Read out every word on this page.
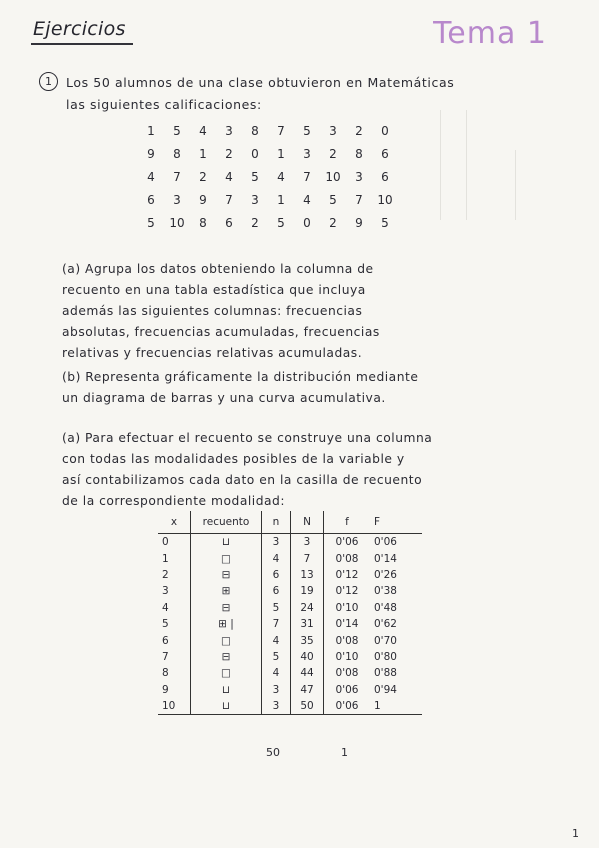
Ejercicios	Tema 1
1	Los 50 alumnos de una clase obtuvieron en Matemáticas
las siguientes calificaciones:
1	5	4	3	8	7	5	3	2	0
9	8	1	2	0	1	3	2	8	6
4	7	2	4	5	4	7	10	3	6
6	3	9	7	3	1	4	5	7	10
5	10	8	6	2	5	0	2	9	5
(a) Agrupa los datos obteniendo la columna de
recuento en una tabla estadística que incluya
además las siguientes columnas: frecuencias
absolutas, frecuencias acumuladas, frecuencias
relativas y frecuencias relativas acumuladas.
(b) Representa gráficamente la distribución mediante
un diagrama de barras y una curva acumulativa.
(a) Para efectuar el recuento se construye una columna
con todas las modalidades posibles de la variable y
así contabilizamos cada dato en la casilla de recuento
de la correspondiente modalidad:
x	recuento	n	N	f	F
0	⊔	3	3	0'06	0'06
1	□	4	7	0'08	0'14
2	⊟	6	13	0'12	0'26
3	⊞	6	19	0'12	0'38
4	⊟	5	24	0'10	0'48
5	⊞ |	7	31	0'14	0'62
6	□	4	35	0'08	0'70
7	⊟	5	40	0'10	0'80
8	□	4	44	0'08	0'88
9	⊔	3	47	0'06	0'94
10	⊔	3	50	0'06	1
50	1
1
